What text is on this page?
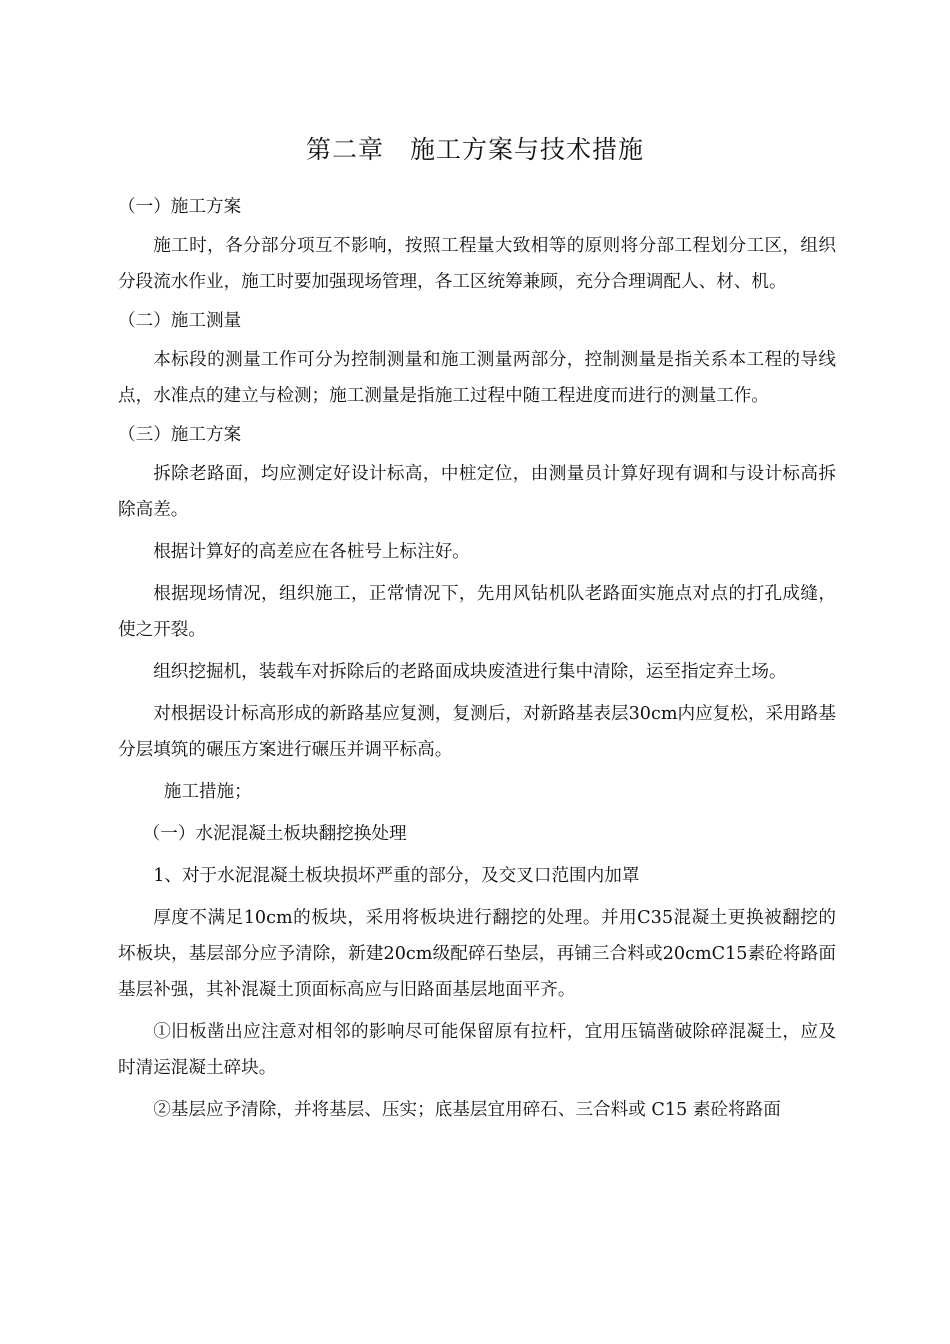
第二章　施工方案与技术措施

（一）施工方案

施工时，各分部分项互不影响，按照工程量大致相等的原则将分部工程划分工区，组织分段流水作业，施工时要加强现场管理，各工区统筹兼顾，充分合理调配人、材、机。

（二）施工测量

本标段的测量工作可分为控制测量和施工测量两部分，控制测量是指关系本工程的导线点，水准点的建立与检测；施工测量是指施工过程中随工程进度而进行的测量工作。

（三）施工方案

拆除老路面，均应测定好设计标高，中桩定位，由测量员计算好现有调和与设计标高拆除高差。

根据计算好的高差应在各桩号上标注好。

根据现场情况，组织施工，正常情况下，先用风钻机队老路面实施点对点的打孔成缝，使之开裂。

组织挖掘机，装载车对拆除后的老路面成块废渣进行集中清除，运至指定弃土场。

对根据设计标高形成的新路基应复测，复测后，对新路基表层30cm内应复松，采用路基分层填筑的碾压方案进行碾压并调平标高。

施工措施；

（一）水泥混凝土板块翻挖换处理

1、对于水泥混凝土板块损坏严重的部分，及交叉口范围内加罩

厚度不满足10cm的板块，采用将板块进行翻挖的处理。并用C35混凝土更换被翻挖的坏板块，基层部分应予清除，新建20cm级配碎石垫层，再铺三合料或20cmC15素砼将路面基层补强，其补混凝土顶面标高应与旧路面基层地面平齐。

①旧板凿出应注意对相邻的影响尽可能保留原有拉杆，宜用压镐凿破除碎混凝土，应及时清运混凝土碎块。

②基层应予清除，并将基层、压实；底基层宜用碎石、三合料或 C15 素砼将路面
